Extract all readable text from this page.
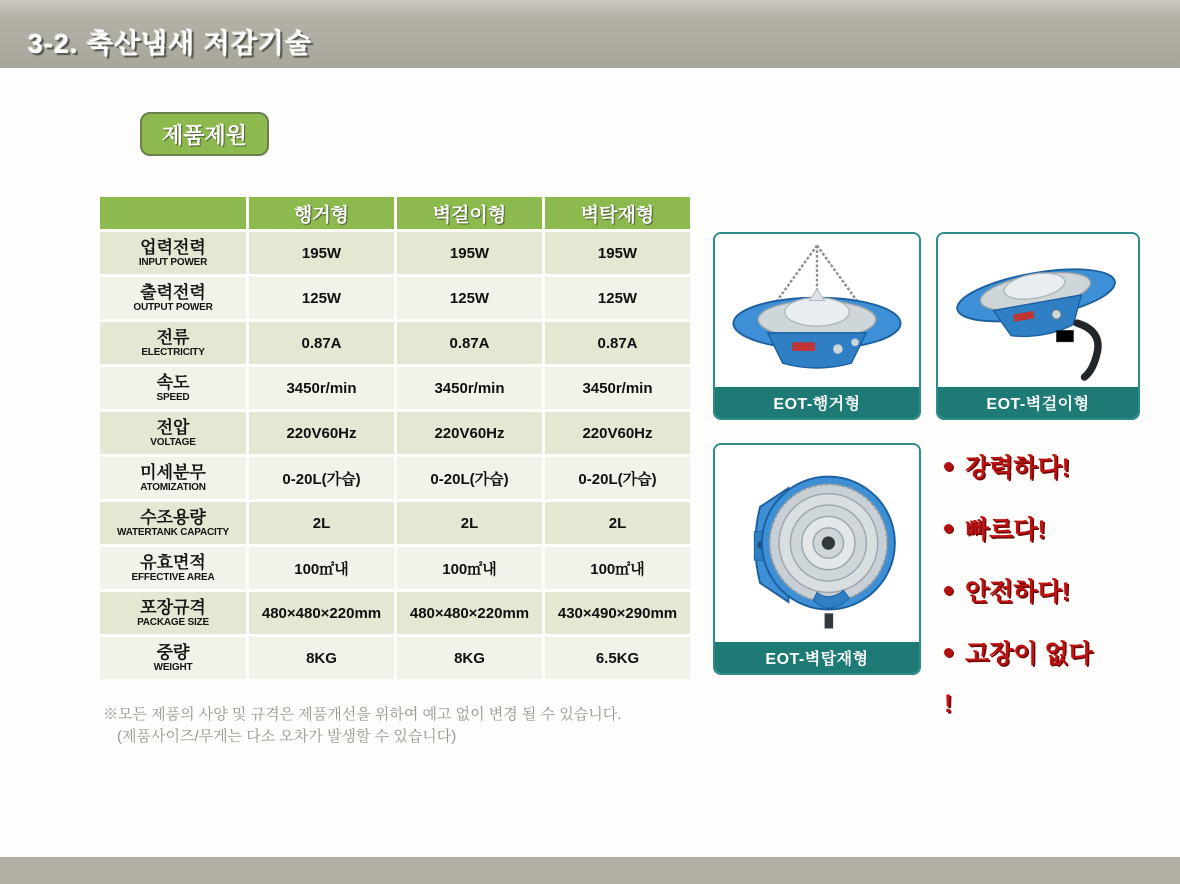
3-2. 축산냄새 저감기술
제품제원
	행거형	벽걸이형	벽탁재형

업력전력
INPUT POWER	195W	195W	195W

출력전력
OUTPUT POWER	125W	125W	125W

전류
ELECTRICITY	0.87A	0.87A	0.87A

속도
SPEED	3450r/min	3450r/min	3450r/min

전압
VOLTAGE	220V60Hz	220V60Hz	220V60Hz

미세분무
ATOMIZATION	0-20L(가습)	0-20L(가습)	0-20L(가습)

수조용량
WATERTANK CAPACITY	2L	2L	2L

유효면적
EFFECTIVE AREA	100㎡내	100㎡내	100㎡내

포장규격
PACKAGE SIZE	480×480×220mm	480×480×220mm	430×490×290mm

중량
WEIGHT	8KG	8KG	6.5KG
※모든 제품의 사양 및 규격은 제품개선을 위하여 예고 없이 변경 될 수 있습니다.
(제품사이즈/무게는 다소 오차가 발생할 수 있습니다)
EOT-행거형	EOT-벽걸이형
EOT-벽탑재형
강력하다!
빠르다!
안전하다!
고장이 없다
!
